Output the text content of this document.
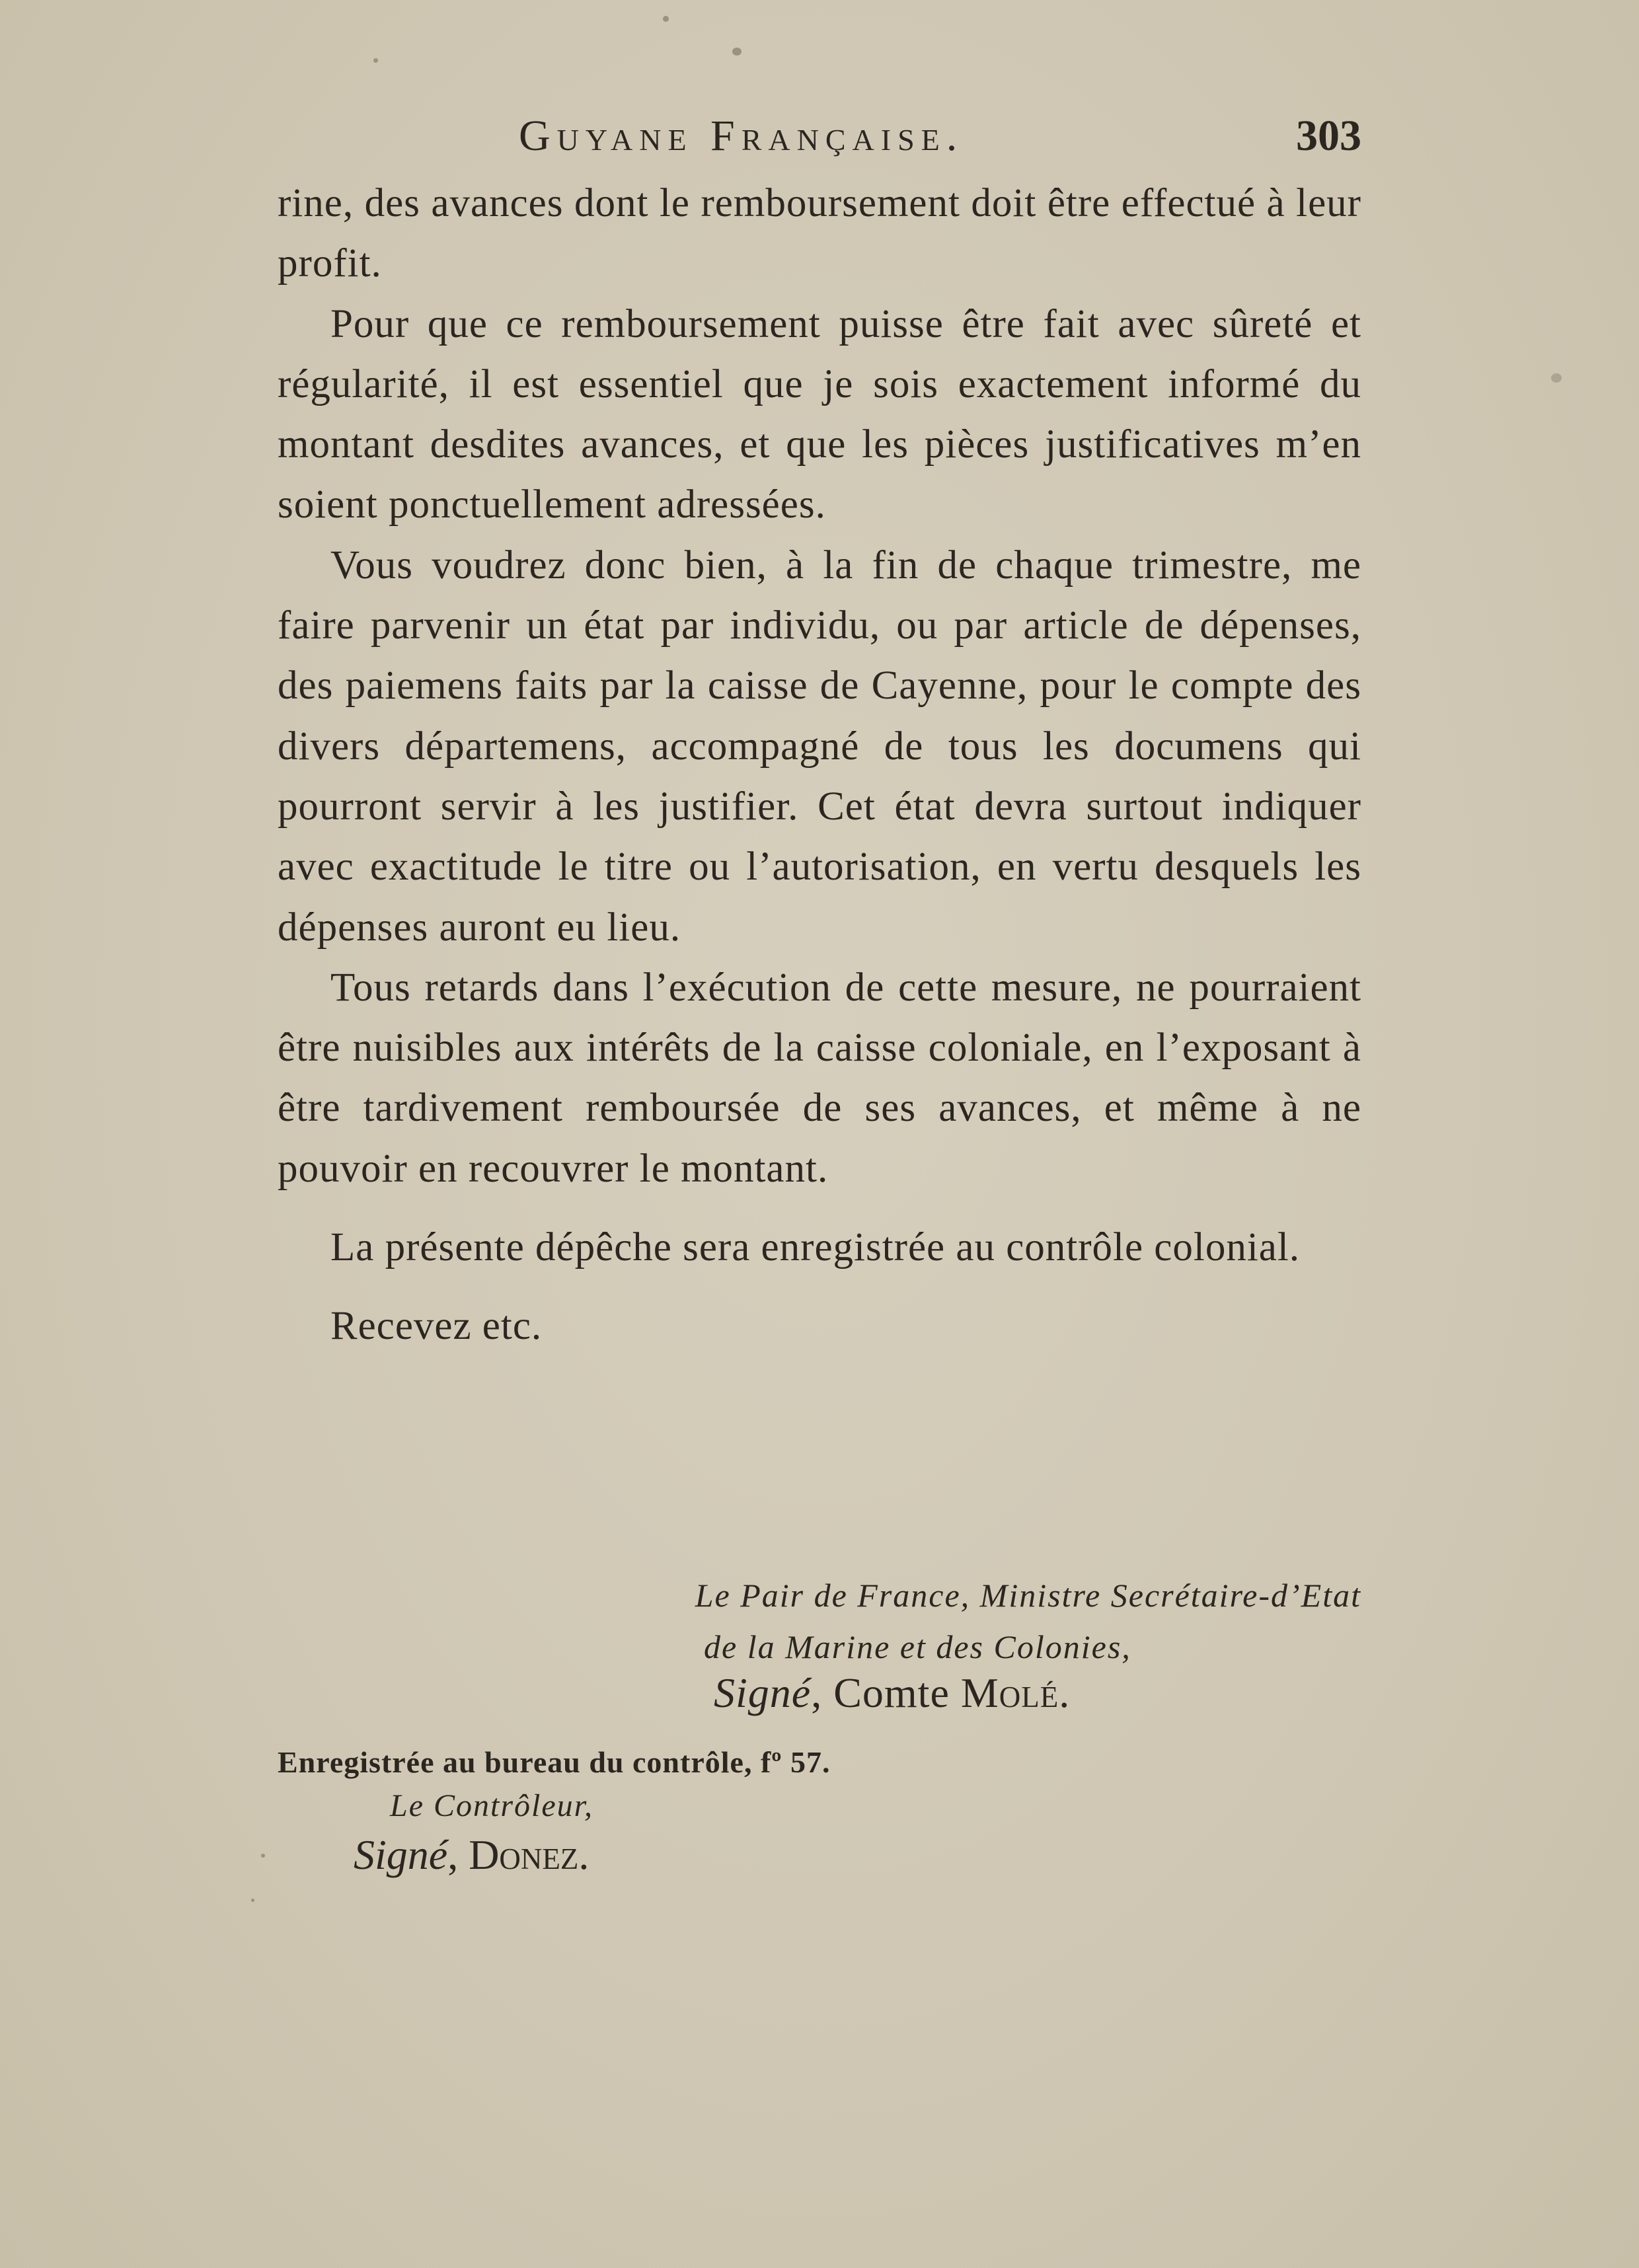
Guyane Française.	303

rine, des avances dont le remboursement doit être effectué à leur profit.

Pour que ce remboursement puisse être fait avec sûreté et régularité, il est essentiel que je sois exactement informé du montant desdites avances, et que les pièces justificatives m’en soient ponctuellement adressées.

Vous voudrez donc bien, à la fin de chaque trimestre, me faire parvenir un état par individu, ou par article de dépenses, des paiemens faits par la caisse de Cayenne, pour le compte des divers départemens, accompagné de tous les documens qui pourront servir à les justifier. Cet état devra surtout indiquer avec exactitude le titre ou l’autorisation, en vertu desquels les dépenses auront eu lieu.

Tous retards dans l’exécution de cette mesure, ne pourraient être nuisibles aux intérêts de la caisse coloniale, en l’exposant à être tardivement remboursée de ses avances, et même à ne pouvoir en recouvrer le montant.

La présente dépêche sera enregistrée au contrôle colonial.

Recevez etc.

Le Pair de France, Ministre Secrétaire-d’Etat
de la Marine et des Colonies,
Signé, Comte Molé.
Enregistrée au bureau du contrôle, fº 57.
Le Contrôleur,
Signé, Donez.
